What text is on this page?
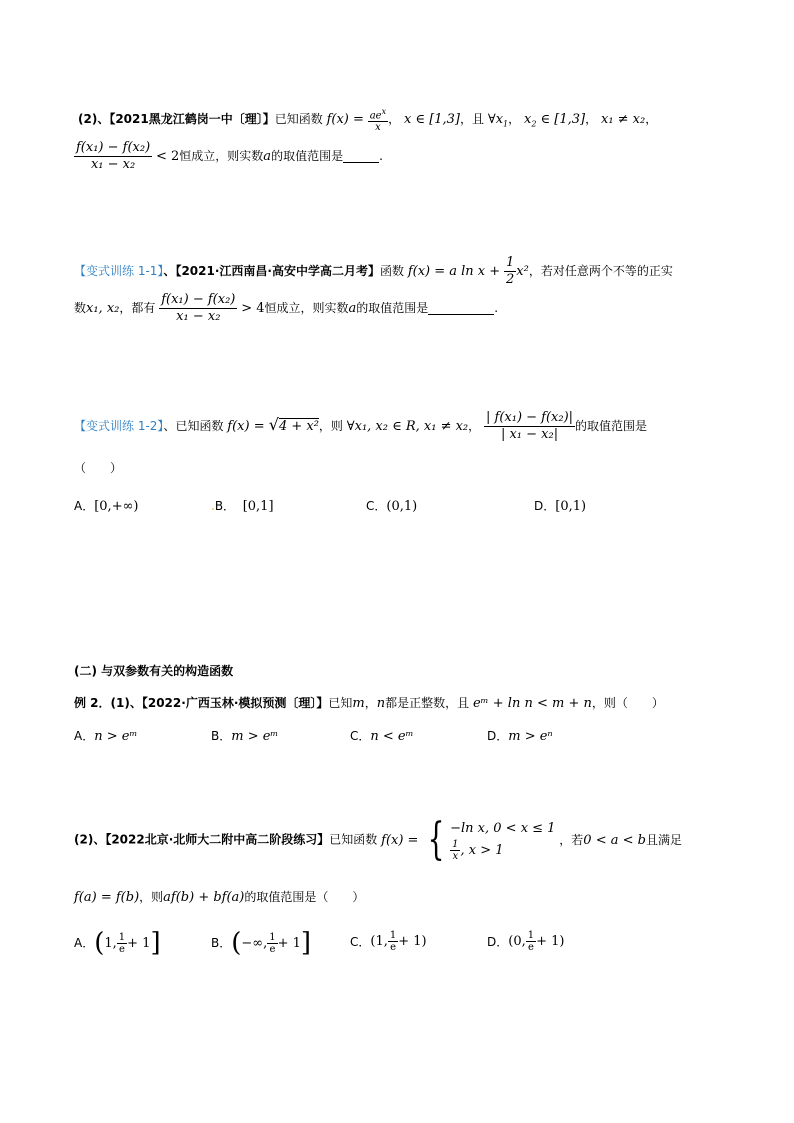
(2)、【2021黑龙江鹤岗一中〔理〕】已知函数 $f(x) = \frac{ae^x}{x}$ ， x ∈ [1,3]，且 $\forall x_1$， $x_2$ ∈ [1,3]， x₁ ≠ x₂，
$\frac{\text{f(x₁) − f(x₂)}}{\text{x₁ − x₂}} < 2$恒成立，则实数a的取值范围是	.
【变式训练 1-1】、【2021·江西南昌·高安中学高二月考】函数 f(x) = a $\ln x + \frac{1}{2} x^2$，若对任意两个不等的正实
数x₁, x₂，都有 $\frac{\text{f(x₁) − f(x₂)}}{\text{x₁ − x₂}} > 4$恒成立，则实数a的取值范围是	.
【变式训练 1-2】、已知函数 f(x) = √4 + x²，则 ∀x₁, x₂ ∈ R, x₁ ≠ x₂， $\frac{\text{| f(x₁) − f(x₂)|}}{\text{| x₁ − x₂|}}$ 的取值范围是
（　　）
A．[0,+∞)	.B． [0,1]	C．(0,1)	D．[0,1)
(二) 与双参数有关的构造函数
例 2．(1)、【2022·广西玉林·模拟预测〔理〕】已知m，n都是正整数，且 eᵐ + ln n < m + n，则（　　）
A．n > eᵐ	B．m > eᵐ	C．n < eᵐ	D．m > eⁿ
(2)、【2022北京·北师大二附中高二阶段练习】已知函数 f(x) = { −ln x, 0 < x ≤ 1
$\frac{1}{x}$ , x > 1
，若0 < a < b且满足
f(a) = f(b)，则af(b) + bf(a)的取值范围是（　　）
A．(1, $\frac{1}{e} + 1$]	B．(−∞, $\frac{1}{e} + 1$]	C．(1, $\frac{1}{e} + 1$)	D．(0, $\frac{1}{e} + 1$)
